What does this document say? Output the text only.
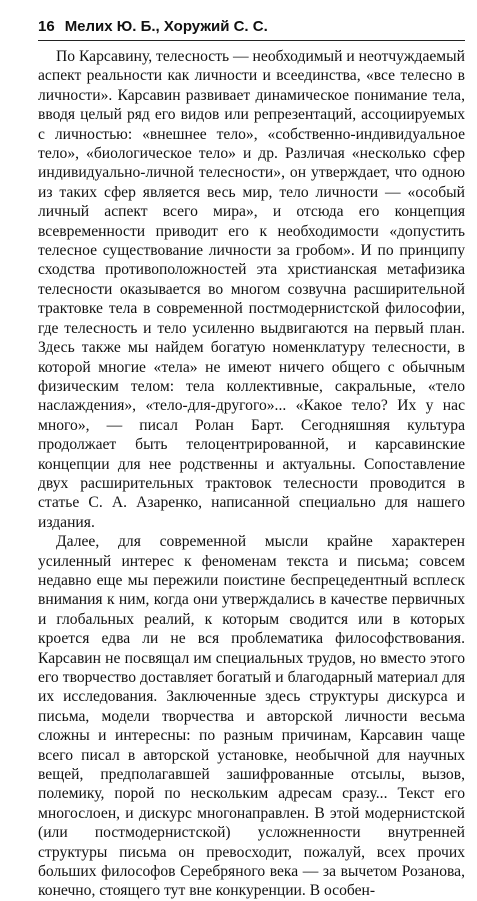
16 Мелих Ю. Б., Хоружий С. С.

По Карсавину, телесность — необходимый и неотчуждаемый аспект реальности как личности и всеединства, «все телесно в личности». Карсавин развивает динамическое понимание тела, вводя целый ряд его видов или репрезентаций, ассоциируемых с личностью: «внешнее тело», «собственно-индивидуальное тело», «биологическое тело» и др. Различая «несколько сфер индивидуально-личной телесности», он утверждает, что одною из таких сфер является весь мир, тело личности — «особый личный аспект всего мира», и отсюда его концепция всевременности приводит его к необходимости «допустить телесное существование личности за гробом». И по принципу сходства противоположностей эта христианская метафизика телесности оказывается во многом созвучна расширительной трактовке тела в современной постмодернистской философии, где телесность и тело усиленно выдвигаются на первый план. Здесь также мы найдем богатую номенклатуру телесности, в которой многие «тела» не имеют ничего общего с обычным физическим телом: тела коллективные, сакральные, «тело наслаждения», «тело-для-другого»... «Какое тело? Их у нас много», — писал Ролан Барт. Сегодняшняя культура продолжает быть телоцентрированной, и карсавинские концепции для нее родственны и актуальны. Сопоставление двух расширительных трактовок телесности проводится в статье С. А. Азаренко, написанной специально для нашего издания.

Далее, для современной мысли крайне характерен усиленный интерес к феноменам текста и письма; совсем недавно еще мы пережили поистине беспрецедентный всплеск внимания к ним, когда они утверждались в качестве первичных и глобальных реалий, к которым сводится или в которых кроется едва ли не вся проблематика философствования. Карсавин не посвящал им специальных трудов, но вместо этого его творчество доставляет богатый и благодарный материал для их исследования. Заключенные здесь структуры дискурса и письма, модели творчества и авторской личности весьма сложны и интересны: по разным причинам, Карсавин чаще всего писал в авторской установке, необычной для научных вещей, предполагавшей зашифрованные отсылы, вызов, полемику, порой по нескольким адресам сразу... Текст его многослоен, и дискурс многонаправлен. В этой модернистской (или постмодернистской) усложненности внутренней структуры письма он превосходит, пожалуй, всех прочих больших философов Серебряного века — за вычетом Розанова, конечно, стоящего тут вне конкуренции. В особен-
